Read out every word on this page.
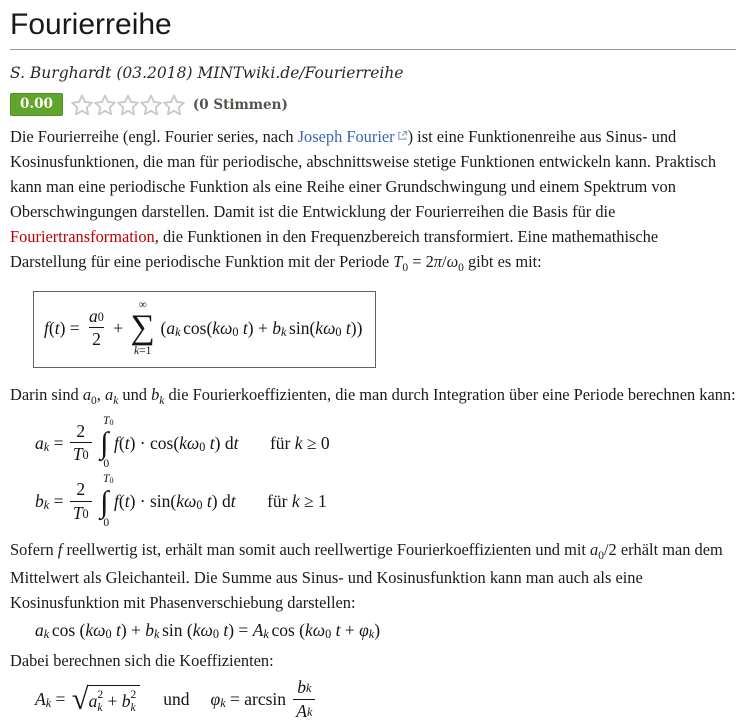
Fourierreihe
S. Burghardt (03.2018) MINTwiki.de/Fourierreihe
0.00	(0 Stimmen)

Die Fourierreihe (engl. Fourier series, nach Joseph Fourier ) ist eine Funktionenreihe aus Sinus- und Kosinusfunktionen, die man für periodische, abschnittsweise stetige Funktionen entwickeln kann. Praktisch kann man eine periodische Funktion als eine Reihe einer Grundschwingung und einem Spektrum von Oberschwingungen darstellen. Damit ist die Entwicklung der Fourierreihen die Basis für die Fouriertransformation, die Funktionen in den Frequenzbereich transformiert. Eine mathemathische Darstellung für eine periodische Funktion mit der Periode $T_0 = 2\pi/\omega_0$ gibt es mit:

f ( t ) = $\frac{a 0}{2}$ +
∞
∑
k =1
( a k cos( kω 0 t ) + b k sin( kω 0 t ))

Darin sind $a_0$, $a_k$ und $b_k$ die Fourierkoeffizienten, die man durch Integration über eine Periode berechnen kann:

a $k = \frac{2}{T 0}$
T 0
∫
0
f ( t ) · cos( kω 0 t ) d t für k ≥ 0
b $k = \frac{2}{T 0}$
T 0
∫
0
f ( t ) · sin( kω 0 t ) d t für k ≥ 1

Sofern f reellwertig ist, erhält man somit auch reellwertige Fourierkoeffizienten und mit $a_0/2$ erhält man dem Mittelwert als Gleichanteil. Die Summe aus Sinus- und Kosinusfunktion kann man auch als eine Kosinusfunktion mit Phasenverschiebung darstellen:

a k cos ( kω 0 t ) + b k sin ( kω 0 t ) = A k cos ( kω 0 t + φ k )

Dabei berechnen sich die Koeffizienten:

A k = √ a 2
k + b 2
k und φ $k = \arcsin \frac{\text{b k}}{\text{A k}}$
